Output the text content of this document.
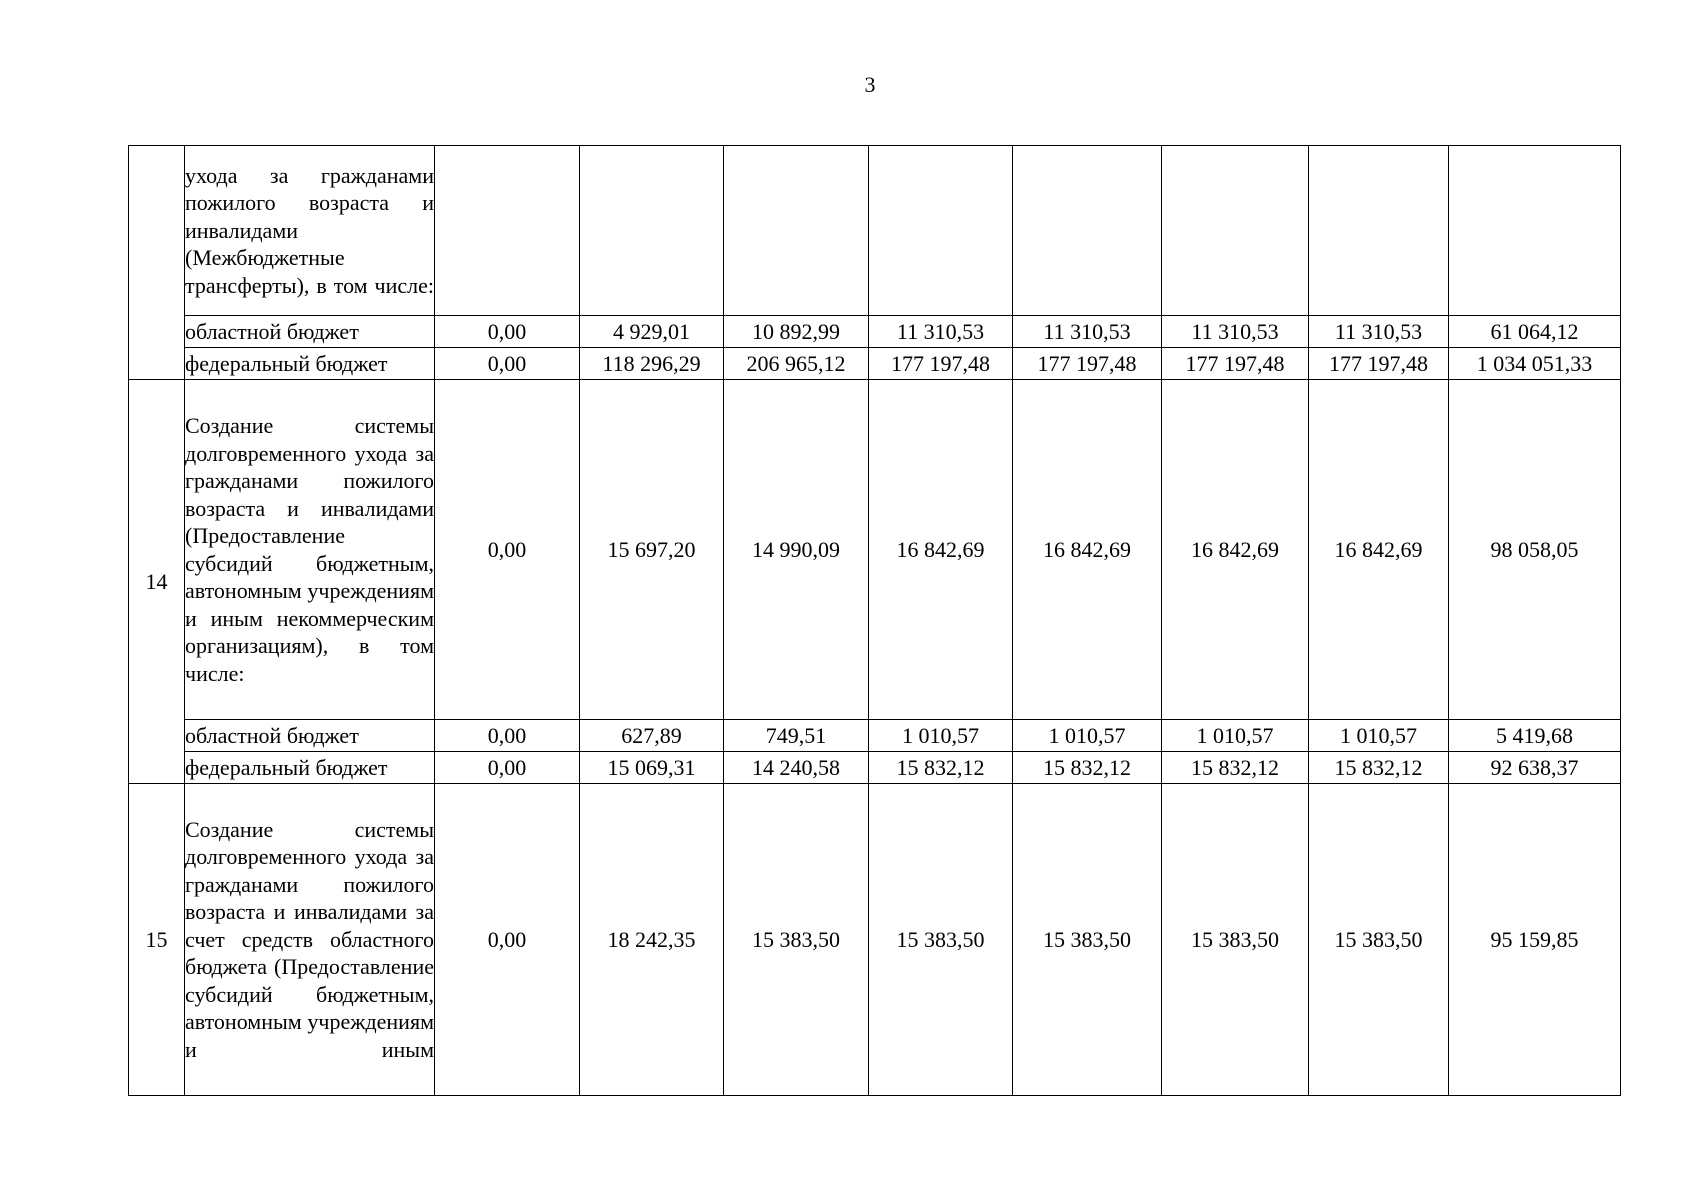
3
	ухода за гражданами пожилого возраста и инвалидами (Межбюджетные трансферты), в том числе:								
	областной бюджет	0,00	4 929,01	10 892,99	11 310,53	11 310,53	11 310,53	11 310,53	61 064,12
	федеральный бюджет	0,00	118 296,29	206 965,12	177 197,48	177 197,48	177 197,48	177 197,48	1 034 051,33
14	Создание системы долговременного ухода за гражданами пожилого возраста и инвалидами (Предоставление субсидий бюджетным, автономным учреждениям и иным некоммерческим организациям), в том числе:	0,00	15 697,20	14 990,09	16 842,69	16 842,69	16 842,69	16 842,69	98 058,05
	областной бюджет	0,00	627,89	749,51	1 010,57	1 010,57	1 010,57	1 010,57	5 419,68
	федеральный бюджет	0,00	15 069,31	14 240,58	15 832,12	15 832,12	15 832,12	15 832,12	92 638,37
15	Создание системы долговременного ухода за гражданами пожилого возраста и инвалидами за счет средств областного бюджета (Предоставление субсидий бюджетным, автономным учреждениям и иным	0,00	18 242,35	15 383,50	15 383,50	15 383,50	15 383,50	15 383,50	95 159,85
